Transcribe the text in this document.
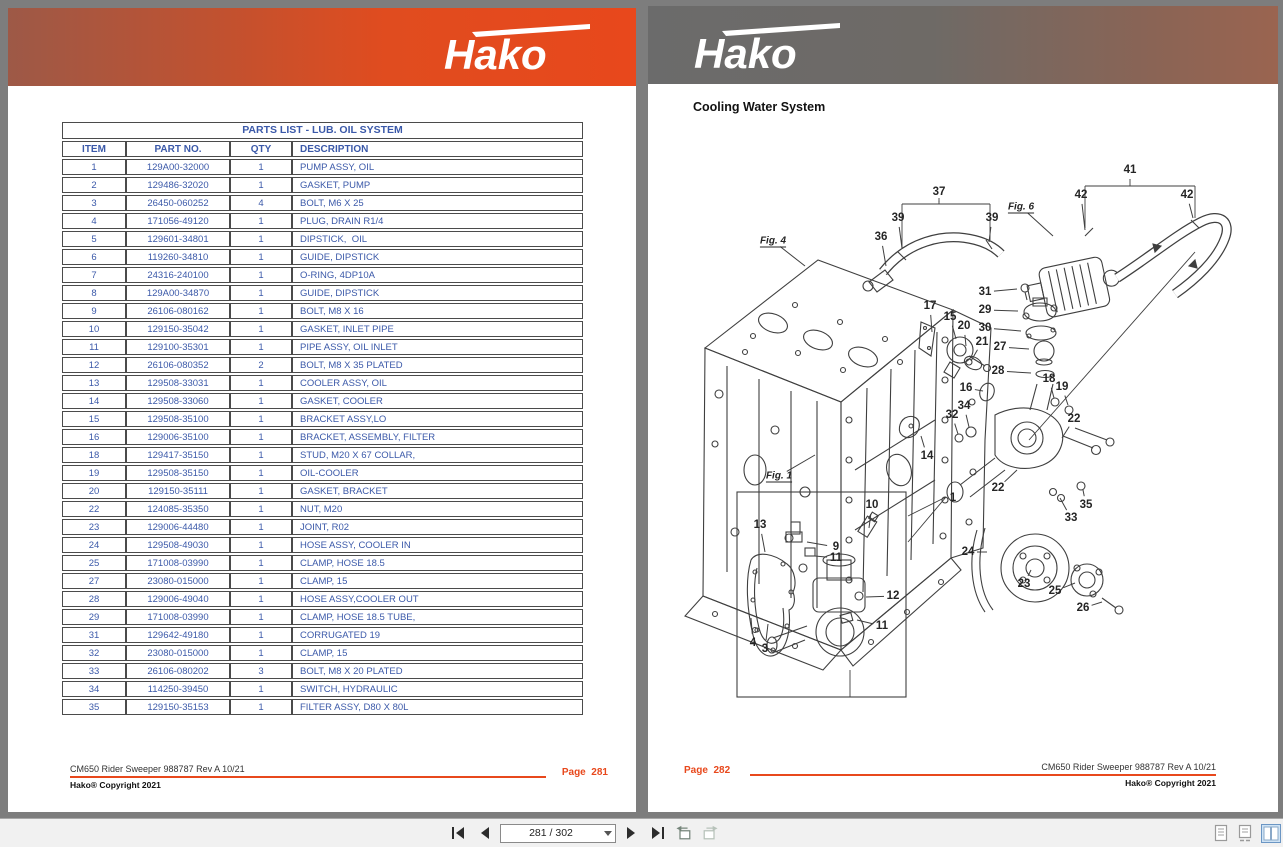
Hako
PARTS LIST - LUB. OIL SYSTEM			
ITEM	PART NO.	QTY	DESCRIPTION
1	129A00-32000	1	PUMP ASSY, OIL
2	129486-32020	1	GASKET, PUMP
3	26450-060252	4	BOLT, M6 X 25
4	171056-49120	1	PLUG, DRAIN R1/4
5	129601-34801	1	DIPSTICK,  OIL
6	119260-34810	1	GUIDE, DIPSTICK
7	24316-240100	1	O-RING, 4DP10A
8	129A00-34870	1	GUIDE, DIPSTICK
9	26106-080162	1	BOLT, M8 X 16
10	129150-35042	1	GASKET, INLET PIPE
11	129100-35301	1	PIPE ASSY, OIL INLET
12	26106-080352	2	BOLT, M8 X 35 PLATED
13	129508-33031	1	COOLER ASSY, OIL
14	129508-33060	1	GASKET, COOLER
15	129508-35100	1	BRACKET ASSY,LO
16	129006-35100	1	BRACKET, ASSEMBLY, FILTER
18	129417-35150	1	STUD, M20 X 67 COLLAR,
19	129508-35150	1	OIL-COOLER
20	129150-35111	1	GASKET, BRACKET
22	124085-35350	1	NUT, M20
23	129006-44480	1	JOINT, R02
24	129508-49030	1	HOSE ASSY, COOLER IN
25	171008-03990	1	CLAMP, HOSE 18.5
27	23080-015000	1	CLAMP, 15
28	129006-49040	1	HOSE ASSY,COOLER OUT
29	171008-03990	1	CLAMP, HOSE 18.5 TUBE,
31	129642-49180	1	CORRUGATED 19
32	23080-015000	1	CLAMP, 15
33	26106-080202	3	BOLT, M8 X 20 PLATED
34	114250-39450	1	SWITCH, HYDRAULIC
35	129150-35153	1	FILTER ASSY, D80 X 80L
CM650 Rider Sweeper 988787 Rev A 10/21	Page  281
Hako® Copyright 2021
Hako
Cooling Water System
41
42	42
37
39	39
36
Fig. 6
Fig. 4
31
29
30
21 27
28
16
17
15
20
18
19
34
32	22
14
22
1
35
33
24
23
25
26
10
13
9
11
12
11
4 3
Fig. 1
CM650 Rider Sweeper 988787 Rev A 10/21
Page  282
Hako® Copyright 2021
281 / 302
